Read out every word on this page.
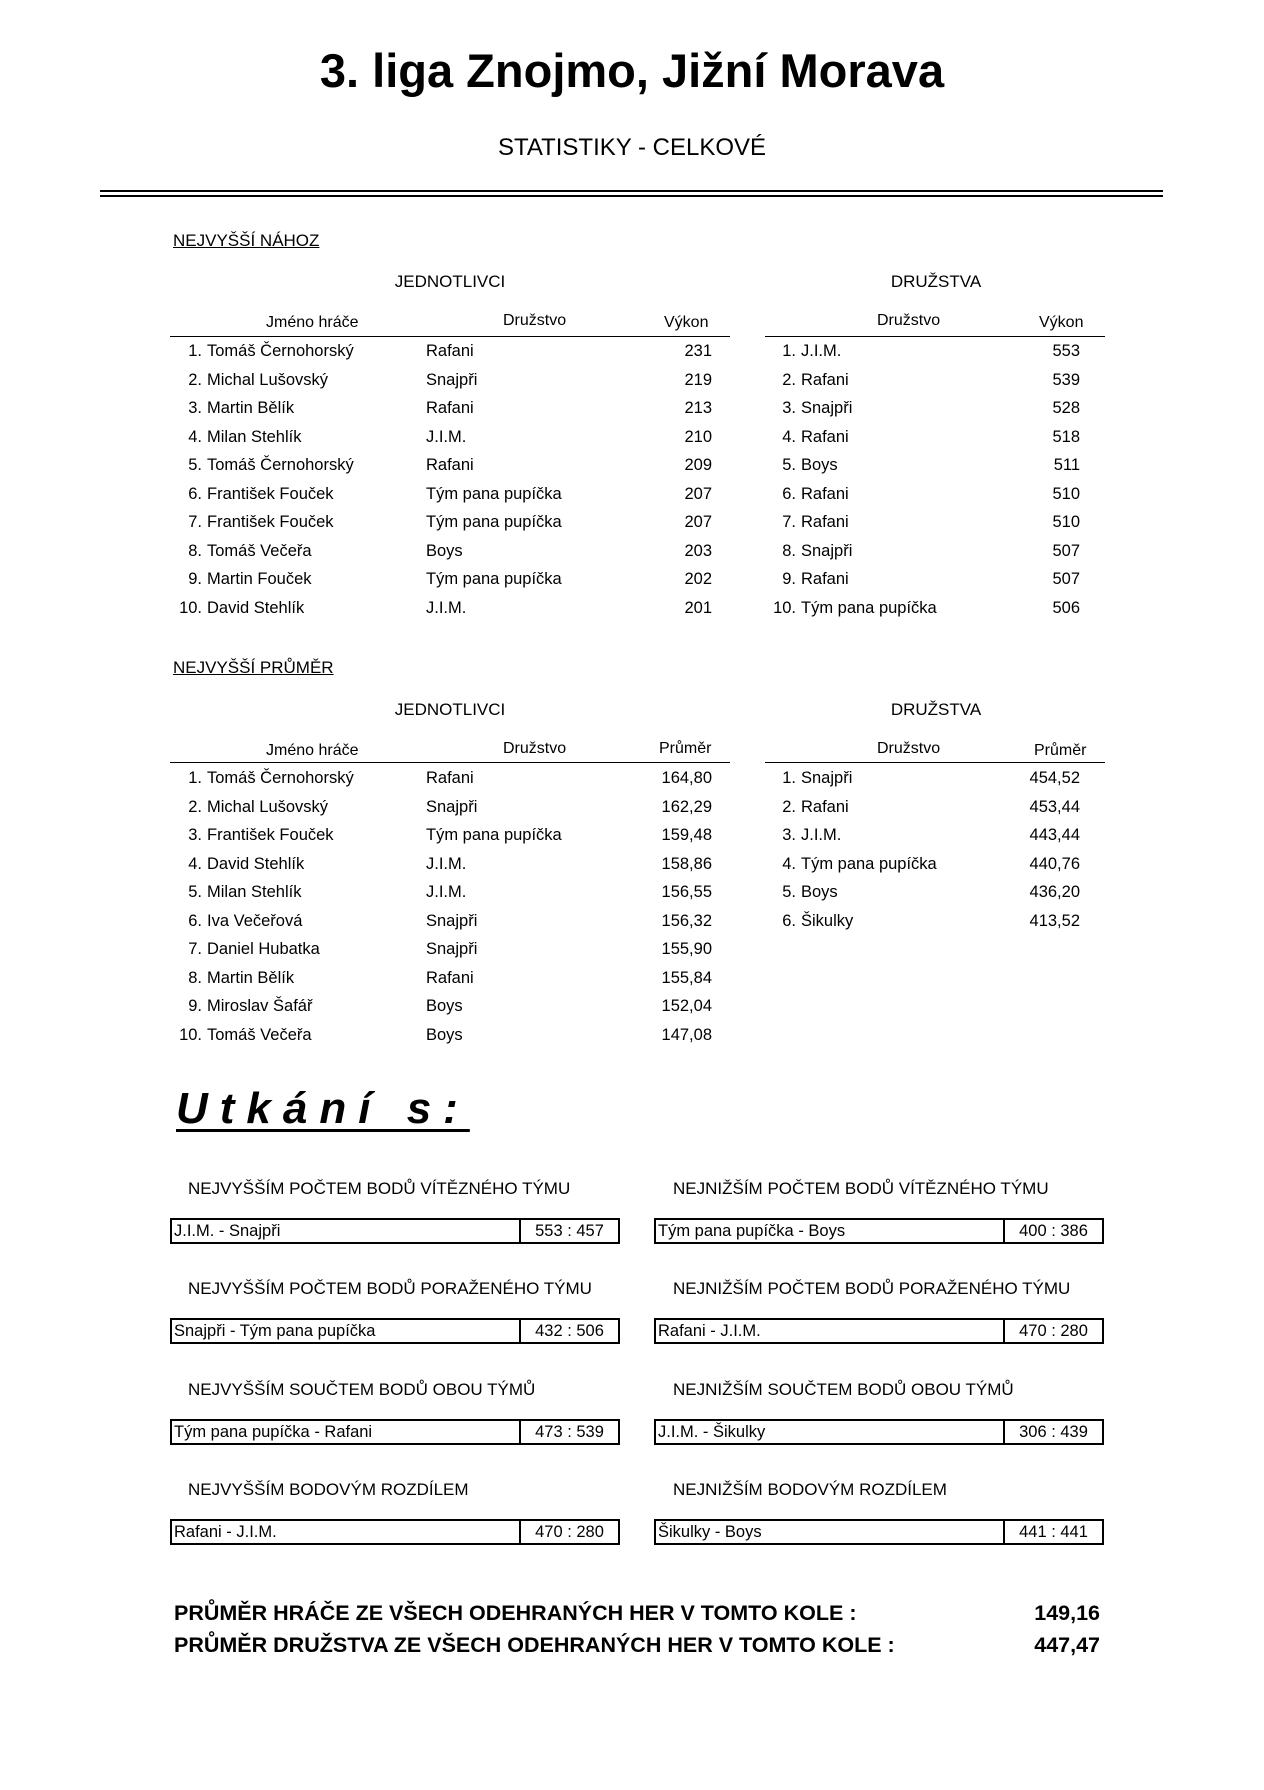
3. liga Znojmo, Jižní Morava
STATISTIKY - CELKOVÉ
NEJVYŠŠÍ NÁHOZ
JEDNOTLIVCI	DRUŽSTVA
Jméno hráče	Družstvo	Výkon	Družstvo	Výkon
1. Tomáš Černohorský	Rafani	231
2. Michal Lušovský	Snajpři	219
3. Martin Bělík	Rafani	213
4. Milan Stehlík	J.I.M.	210
5. Tomáš Černohorský	Rafani	209
6. František Fouček	Tým pana pupíčka	207
7. František Fouček	Tým pana pupíčka	207
8. Tomáš Večeřa	Boys	203
9. Martin Fouček	Tým pana pupíčka	202
10. David Stehlík	J.I.M.	201
1. J.I.M.	553
2. Rafani	539
3. Snajpři	528
4. Rafani	518
5. Boys	511
6. Rafani	510
7. Rafani	510
8. Snajpři	507
9. Rafani	507
10. Tým pana pupíčka	506
NEJVYŠŠÍ PRŮMĚR
JEDNOTLIVCI	DRUŽSTVA
Jméno hráče	Družstvo	Průměr	Družstvo	Průměr
1. Tomáš Černohorský	Rafani	164,80
2. Michal Lušovský	Snajpři	162,29
3. František Fouček	Tým pana pupíčka	159,48
4. David Stehlík	J.I.M.	158,86
5. Milan Stehlík	J.I.M.	156,55
6. Iva Večeřová	Snajpři	156,32
7. Daniel Hubatka	Snajpři	155,90
8. Martin Bělík	Rafani	155,84
9. Miroslav Šafář	Boys	152,04
10. Tomáš Večeřa	Boys	147,08
1. Snajpři	454,52
2. Rafani	453,44
3. J.I.M.	443,44
4. Tým pana pupíčka	440,76
5. Boys	436,20
6. Šikulky	413,52
Utkání s:
NEJVYŠŠÍM POČTEM BODŮ VÍTĚZNÉHO TÝMU
J.I.M. - Snajpři	553 : 457
NEJNIŽŠÍM POČTEM BODŮ VÍTĚZNÉHO TÝMU
Tým pana pupíčka - Boys	400 : 386
NEJVYŠŠÍM POČTEM BODŮ PORAŽENÉHO TÝMU
Snajpři - Tým pana pupíčka	432 : 506
NEJNIŽŠÍM POČTEM BODŮ PORAŽENÉHO TÝMU
Rafani - J.I.M.	470 : 280
NEJVYŠŠÍM SOUČTEM BODŮ OBOU TÝMŮ
Tým pana pupíčka - Rafani	473 : 539
NEJNIŽŠÍM SOUČTEM BODŮ OBOU TÝMŮ
J.I.M. - Šikulky	306 : 439
NEJVYŠŠÍM BODOVÝM ROZDÍLEM
Rafani - J.I.M.	470 : 280
NEJNIŽŠÍM BODOVÝM ROZDÍLEM
Šikulky - Boys	441 : 441
PRŮMĚR HRÁČE ZE VŠECH ODEHRANÝCH HER V TOMTO KOLE :	149,16
PRŮMĚR DRUŽSTVA ZE VŠECH ODEHRANÝCH HER V TOMTO KOLE :	447,47
